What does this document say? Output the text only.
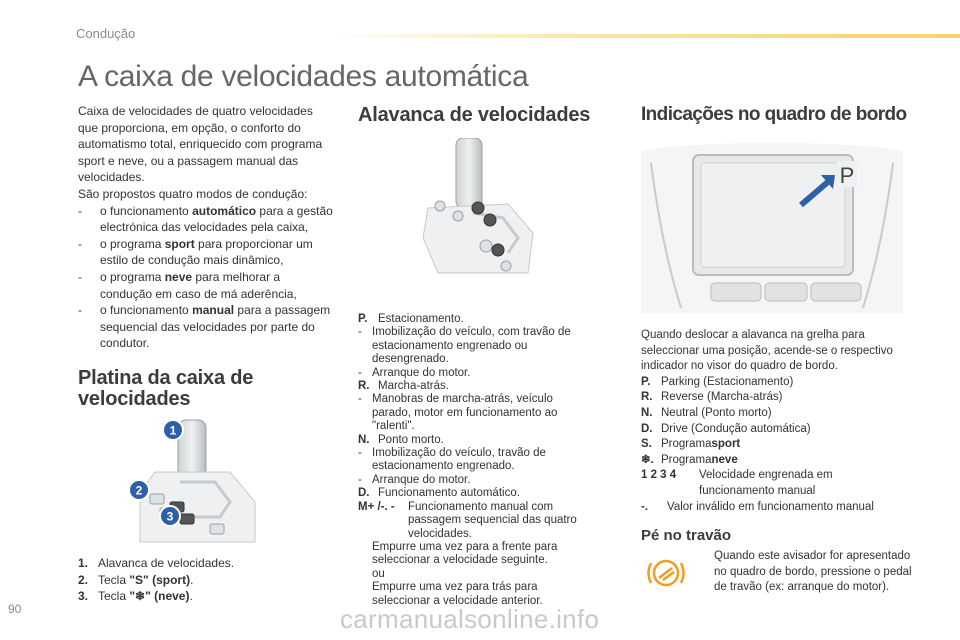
Condução
A caixa de velocidades automática
Caixa de velocidades de quatro velocidades que proporciona, em opção, o conforto do automatismo total, enriquecido com programa sport e neve, ou a passagem manual das velocidades.
São propostos quatro modos de condução:
- o funcionamento automático para a gestão electrónica das velocidades pela caixa,
- o programa sport para proporcionar um estilo de condução mais dinâmico,
- o programa neve para melhorar a condução em caso de má aderência,
- o funcionamento manual para a passagem sequencial das velocidades por parte do condutor.
Platina da caixa de
velocidades
1
2
3
1. Alavanca de velocidades.
2. Tecla "S" (sport).
3. Tecla "❄" (neve).
Alavanca de velocidades
P. Estacionamento.
- Imobilização do veículo, com travão de estacionamento engrenado ou desengrenado.
- Arranque do motor.
R. Marcha-atrás.
- Manobras de marcha-atrás, veículo parado, motor em funcionamento ao "ralenti".
N. Ponto morto.
- Imobilização do veículo, travão de estacionamento engrenado.
- Arranque do motor.
D. Funcionamento automático.
M+ /-. -	Funcionamento manual com passagem sequencial das quatro velocidades.
Empurre uma vez para a frente para seleccionar a velocidade seguinte.
ou
Empurre uma vez para trás para seleccionar a velocidade anterior.
Indicações no quadro de bordo
P
Quando deslocar a alavanca na grelha para seleccionar uma posição, acende-se o respectivo indicador no visor do quadro de bordo.
P. Parking (Estacionamento)
R. Reverse (Marcha-atrás)
N. Neutral (Ponto morto)
D. Drive (Condução automática)
S. Programa sport
❄. Programa neve
1 2 3 4	Velocidade engrenada em funcionamento manual
-.	Valor inválido em funcionamento manual
Pé no travão
Quando este avisador for apresentado no quadro de bordo, pressione o pedal de travão (ex: arranque do motor).
90	carmanualsonline.info
